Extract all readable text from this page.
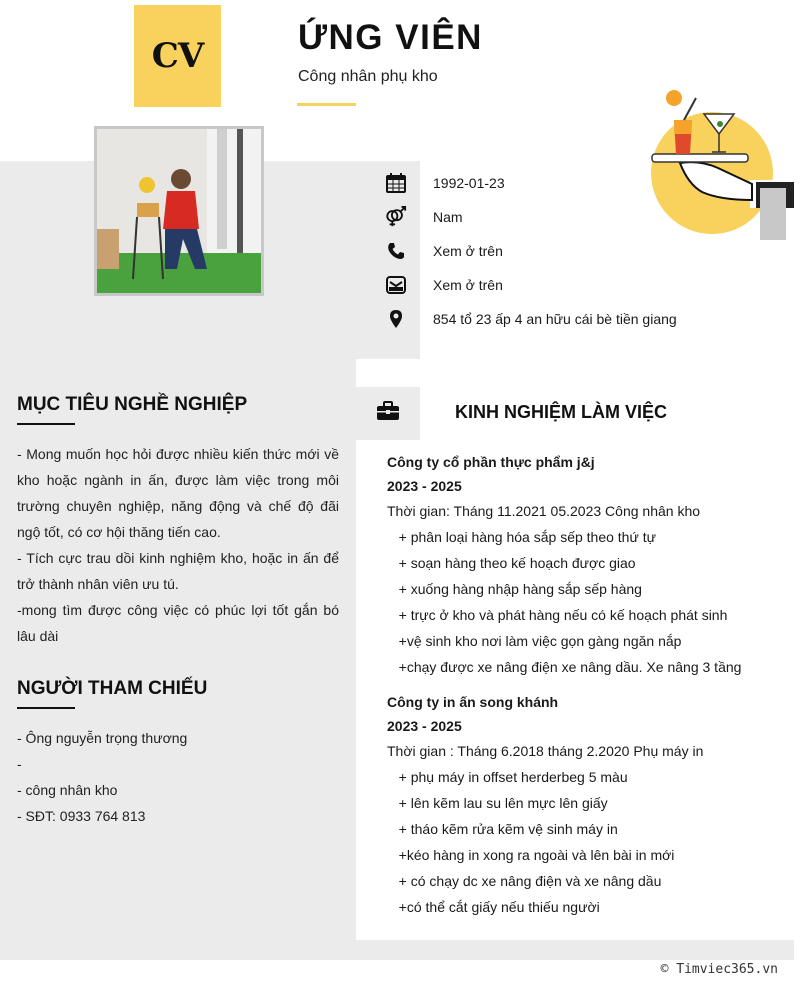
CV	ỨNG VIÊN
Công nhân phụ kho
1992-01-23
Nam
Xem ở trên
Xem ở trên
854 tổ 23 ấp 4 an hữu cái bè tiền giang
MỤC TIÊU NGHỀ NGHIỆP
- Mong muốn học hỏi được nhiều kiến thức mới về kho hoặc ngành in ấn, được làm việc trong môi trường chuyên nghiệp, năng động và chế độ đãi ngộ tốt, có cơ hội thăng tiến cao.
- Tích cực trau dồi kinh nghiệm kho, hoặc in ấn để trở thành nhân viên ưu tú.
-mong tìm được công việc có phúc lợi tốt gắn bó lâu dài
NGƯỜI THAM CHIẾU
- Ông nguyễn trọng thương
-
- công nhân kho
- SĐT: 0933 764 813
KINH NGHIỆM LÀM VIỆC
Công ty cổ phần thực phẩm j&j
2023 - 2025
Thời gian: Tháng 11.2021 05.2023 Công nhân kho
+ phân loại hàng hóa sắp sếp theo thứ tự
+ soạn hàng theo kế hoạch được giao
+ xuống hàng nhập hàng sắp sếp hàng
+ trực ở kho và phát hàng nếu có kế hoạch phát sinh
+vệ sinh kho nơi làm việc gọn gàng ngăn nắp
+chạy được xe nâng điện xe nâng dầu. Xe nâng 3 tầng
Công ty in ấn song khánh
2023 - 2025
Thời gian : Tháng 6.2018 tháng 2.2020 Phụ máy in
+ phụ máy in offset herderbeg 5 màu
+ lên kẽm lau su lên mực lên giấy
+ tháo kẽm rửa kẽm vệ sinh máy in
+kéo hàng in xong ra ngoài và lên bài in mới
+ có chạy dc xe nâng điện và xe nâng dầu
+có thể cắt giấy nếu thiếu người
© Timviec365.vn
